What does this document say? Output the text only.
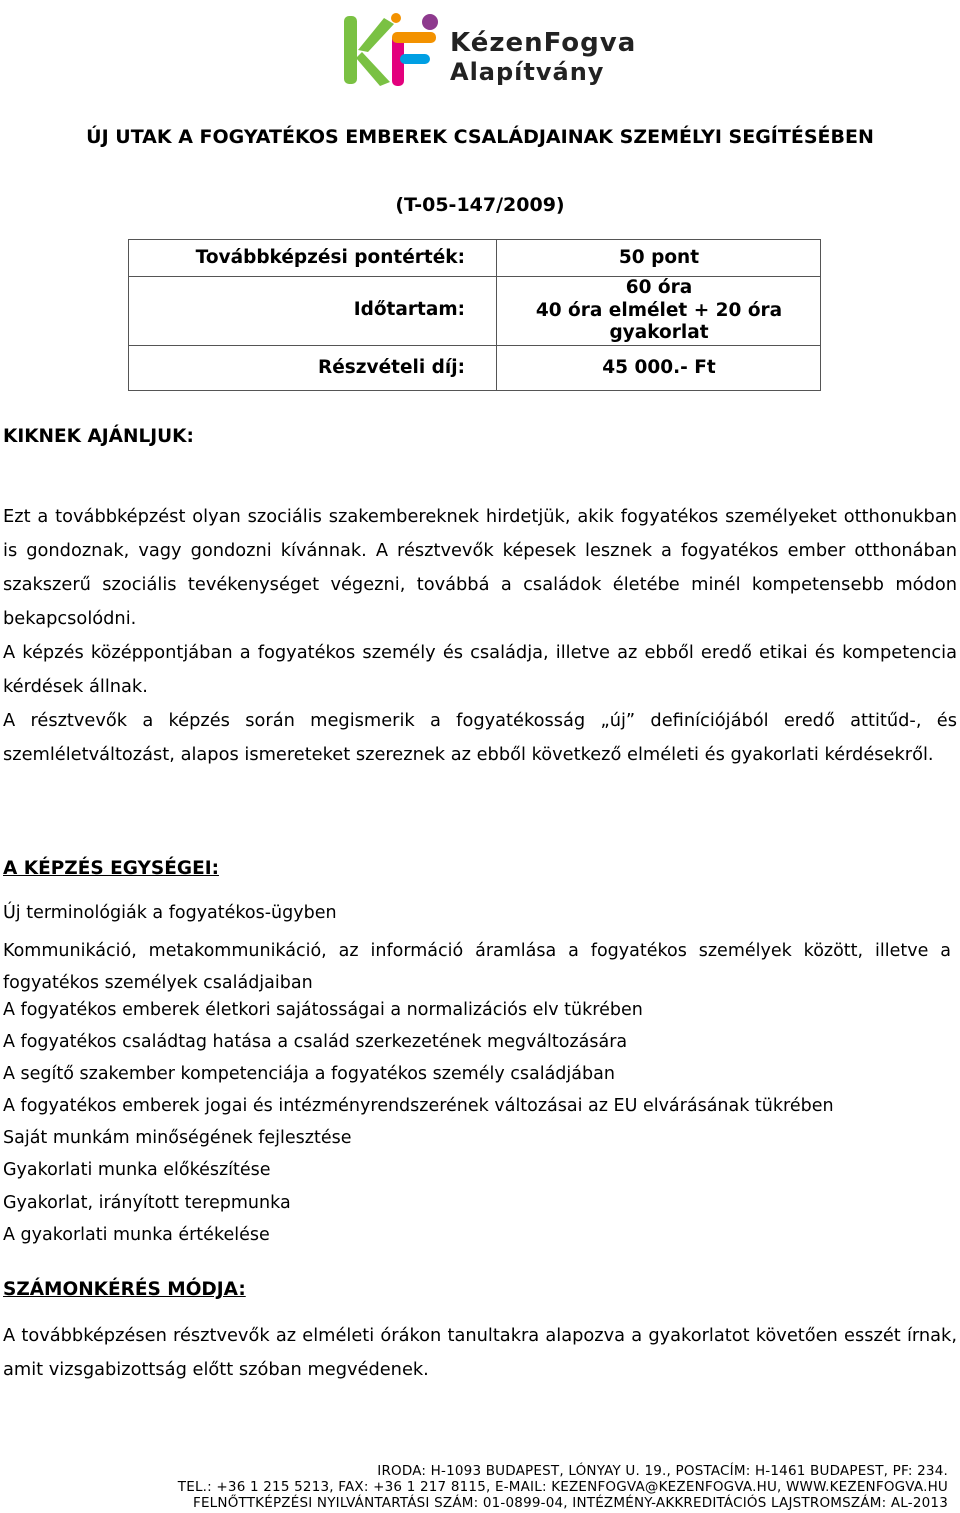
KézenFogva
Alapítvány
ÚJ UTAK A FOGYATÉKOS EMBEREK CSALÁDJAINAK SZEMÉLYI SEGÍTÉSÉBEN
(T-05-147/2009)
Továbbképzési pontérték:	50 pont
Időtartam:
60 óra
40 óra elmélet + 20 óra
gyakorlat
Részvételi díj:	45 000.- Ft
KIKNEK AJÁNLJUK:
Ezt a továbbképzést olyan szociális szakembereknek hirdetjük, akik fogyatékos személyeket otthonukban is gondoznak, vagy gondozni kívánnak. A résztvevők képesek lesznek a fogyatékos ember otthonában szakszerű szociális tevékenységet végezni, továbbá a családok életébe minél kompetensebb módon bekapcsolódni.
A képzés középpontjában a fogyatékos személy és családja, illetve az ebből eredő etikai és kompetencia kérdések állnak.
A résztvevők a képzés során megismerik a fogyatékosság „új” definíciójából eredő attitűd-, és szemléletváltozást, alapos ismereteket szereznek az ebből következő elméleti és gyakorlati kérdésekről.
A KÉPZÉS EGYSÉGEI:
Új terminológiák a fogyatékos-ügyben
Kommunikáció, metakommunikáció, az információ áramlása a fogyatékos személyek között, illetve a fogyatékos személyek családjaiban
A fogyatékos emberek életkori sajátosságai a normalizációs elv tükrében
A fogyatékos családtag hatása a család szerkezetének megváltozására
A segítő szakember kompetenciája a fogyatékos személy családjában
A fogyatékos emberek jogai és intézményrendszerének változásai az EU elvárásának tükrében
Saját munkám minőségének fejlesztése
Gyakorlati munka előkészítése
Gyakorlat, irányított terepmunka
A gyakorlati munka értékelése
SZÁMONKÉRÉS MÓDJA:
A továbbképzésen résztvevők az elméleti órákon tanultakra alapozva a gyakorlatot követően esszét írnak, amit vizsgabizottság előtt szóban megvédenek.
IRODA: H-1093 BUDAPEST, LÓNYAY U. 19., POSTACÍM: H-1461 BUDAPEST, PF: 234.
TEL.: +36 1 215 5213, FAX: +36 1 217 8115, E-MAIL: KEZENFOGVA@KEZENFOGVA.HU, WWW.KEZENFOGVA.HU
FELNŐTTKÉPZÉSI NYILVÁNTARTÁSI SZÁM: 01-0899-04, INTÉZMÉNY-AKKREDITÁCIÓS LAJSTROMSZÁM: AL-2013
